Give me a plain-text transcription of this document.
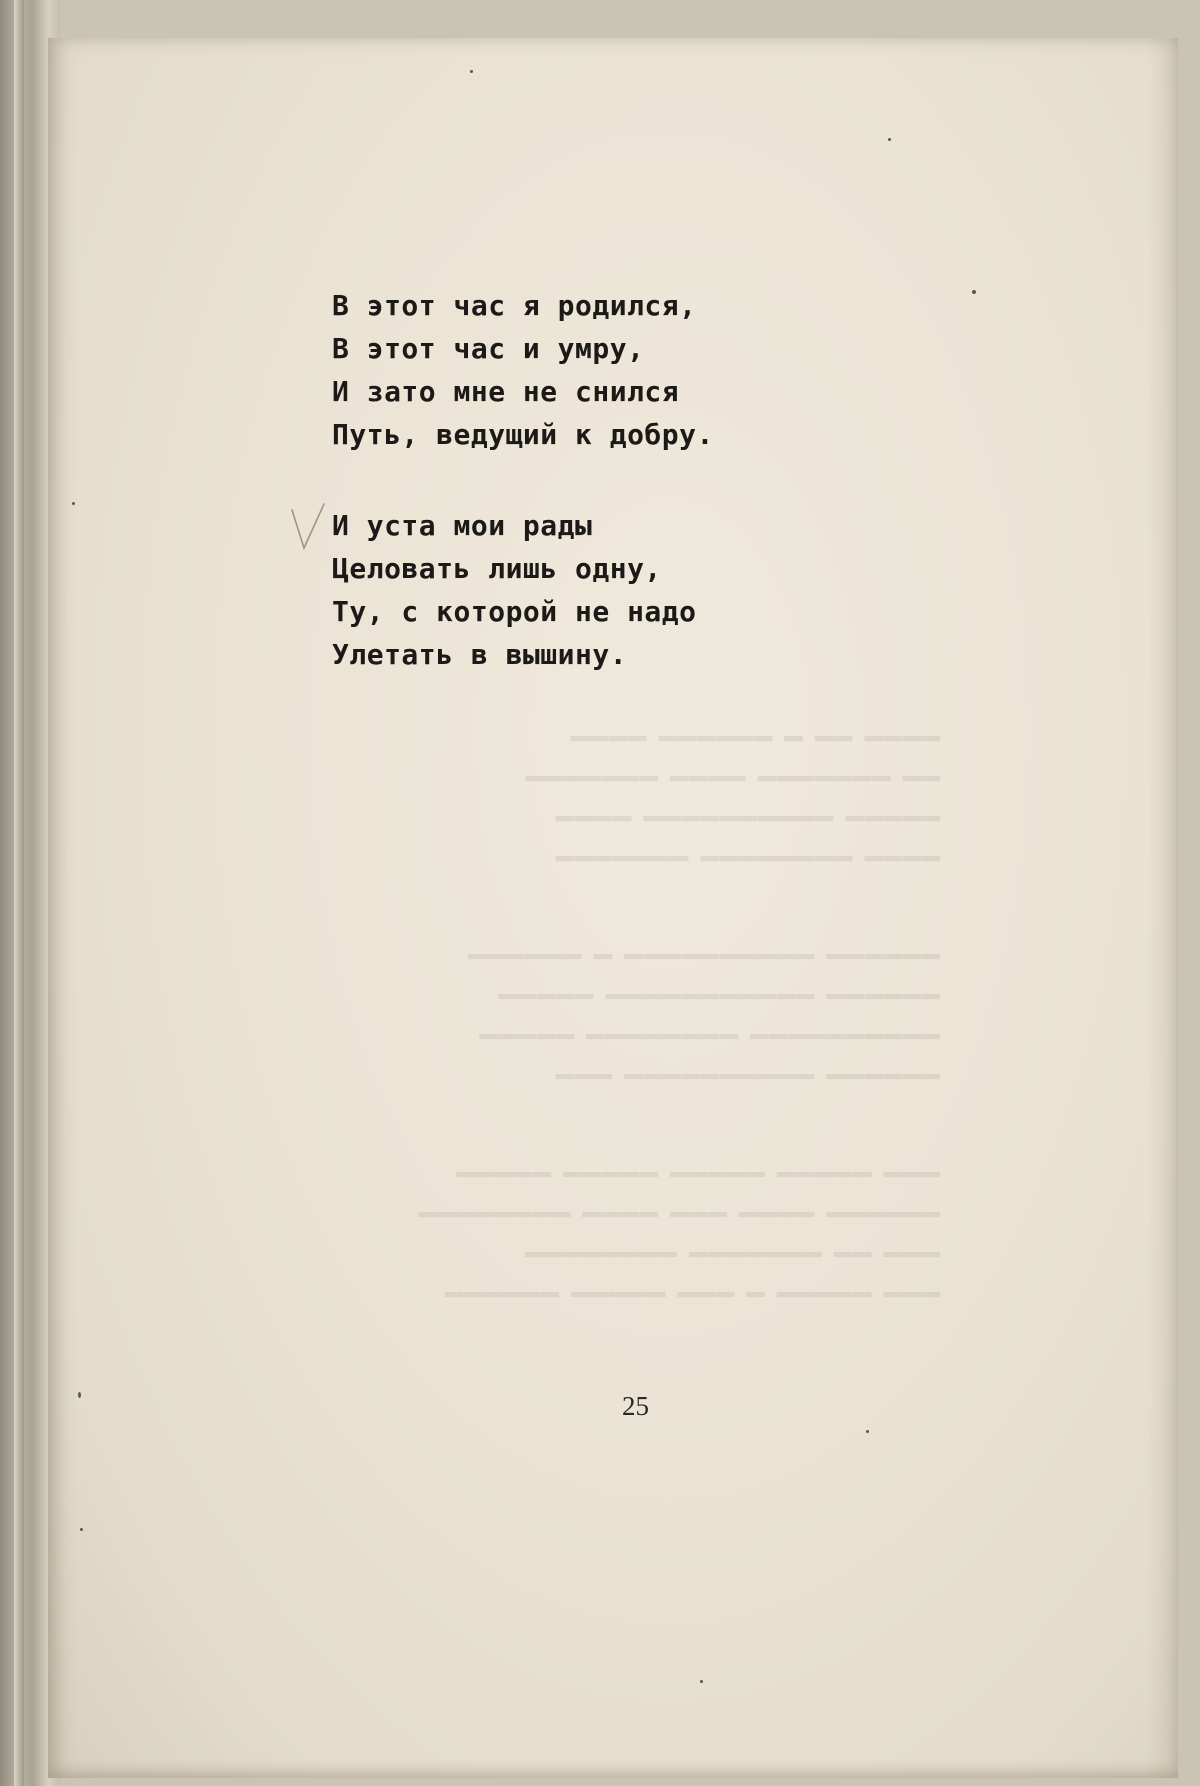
━━━━ ━━ ━ ━━━━━━ ━━━━
━━ ━━━━━━━ ━━━━ ━━━━━━━
━━━━━ ━━━━━━━━━━ ━━━━
━━━━ ━━━━━━━━ ━━━━━━━
━━━━━━ ━━━━━━━━━━ ━ ━━━━━━
━━━━━━ ━━━━━━━━━━━ ━━━━━
━━━━━━━━━━ ━━━━━━━━ ━━━━━
━━━━━━ ━━━━━━━━━━ ━━━
━━━ ━━━━━ ━━━━━ ━━━━━ ━━━━━
━━━━━━ ━━━━ ━━━ ━━━━ ━━━━━━━━
━━━ ━━ ━━━━━━━ ━━━━━━━━
━━━ ━━━━━ ━ ━━━ ━━━━━ ━━━━━━
В этот час я родился,
В этот час и умру,
И зато мне не снился
Путь, ведущий к добру.
И уста мои рады
Целовать лишь одну,
Ту, с которой не надо
Улетать в вышину.
25
